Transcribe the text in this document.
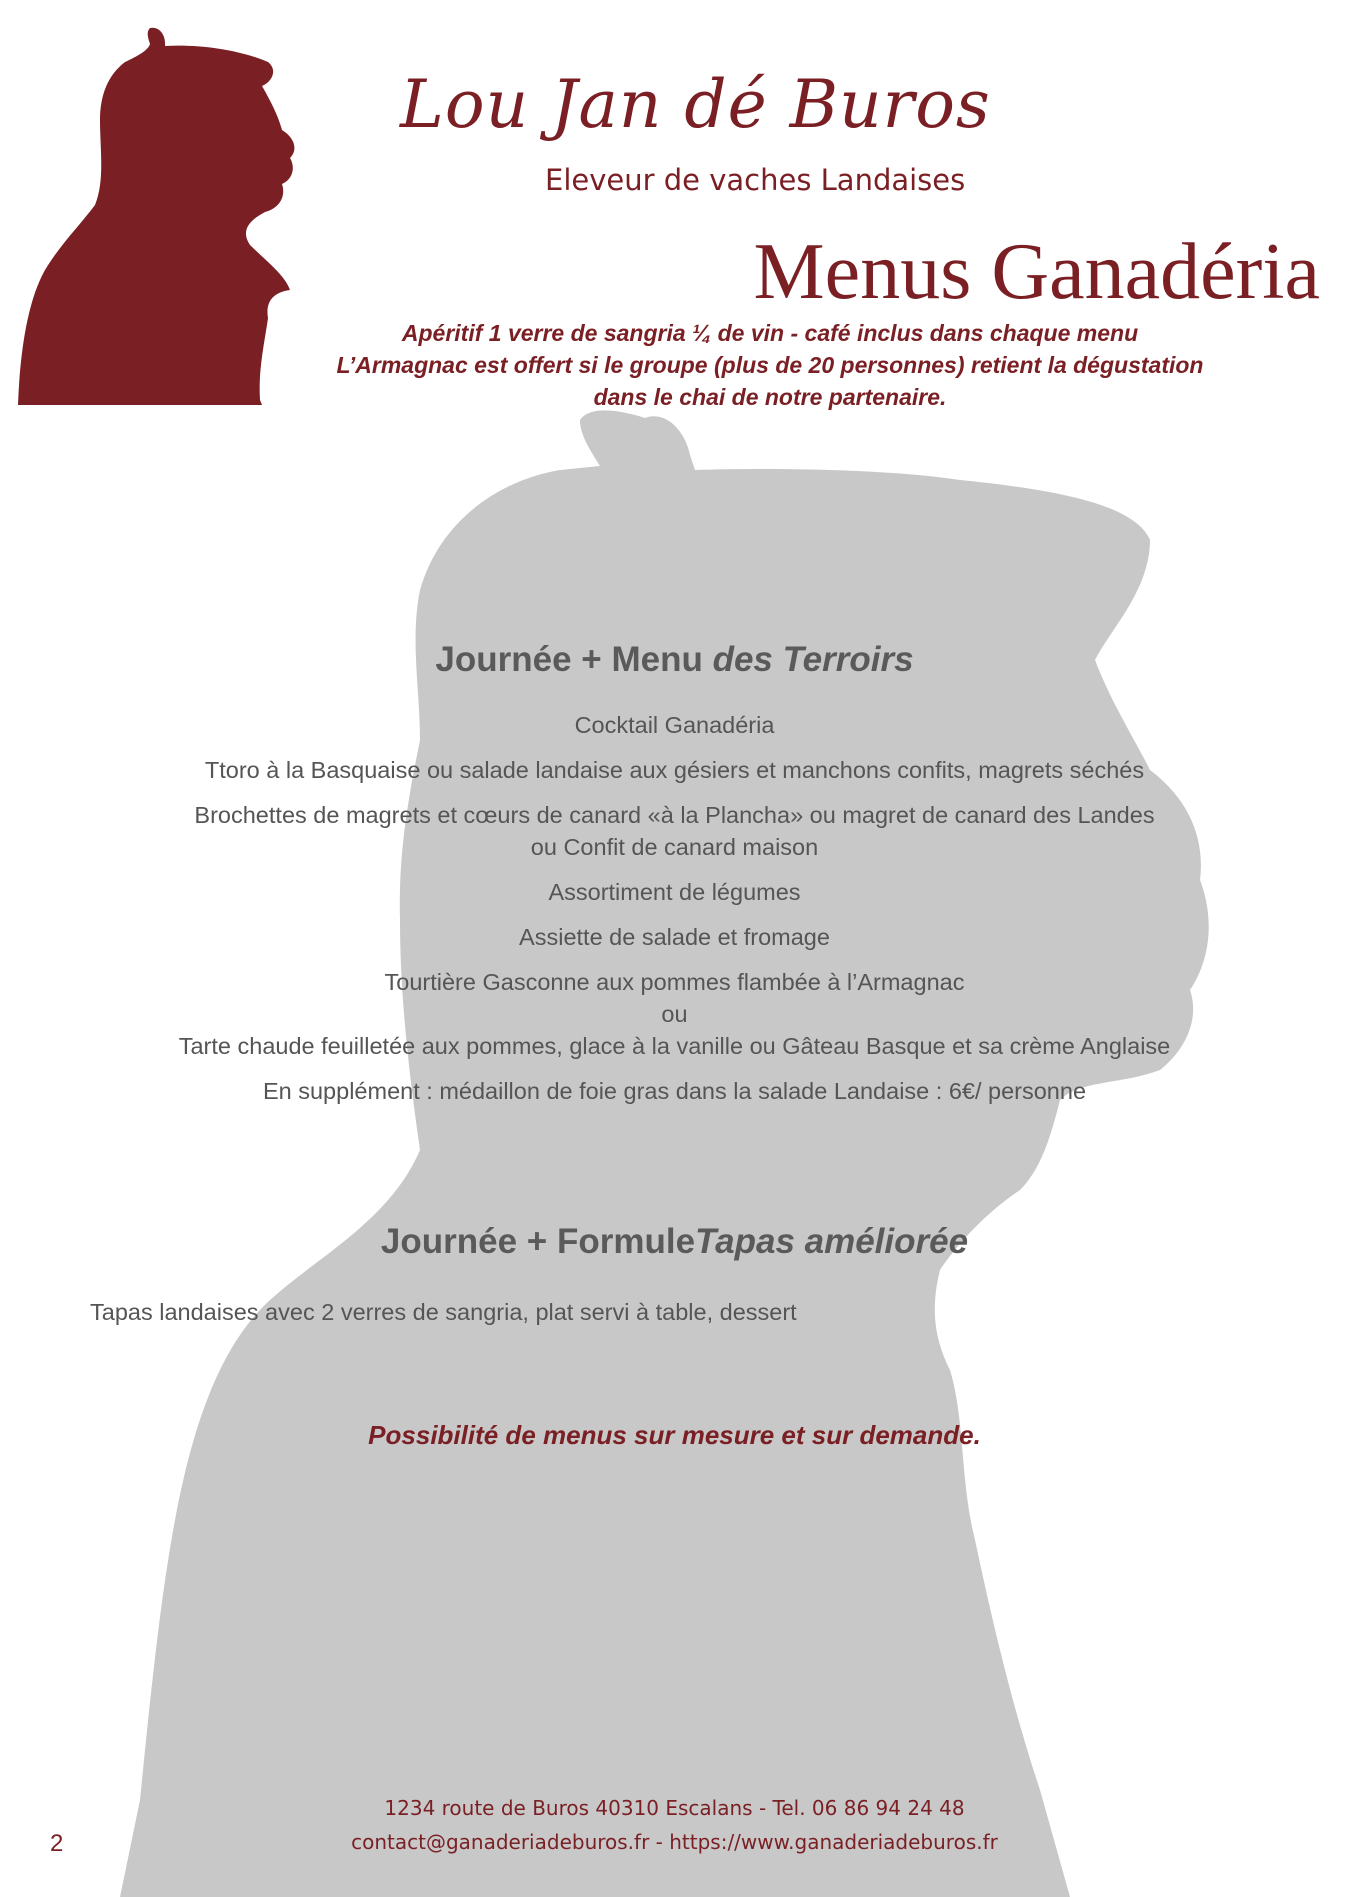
Lou Jan dé Buros
Eleveur de vaches Landaises
Menus Ganadéria
Apéritif 1 verre de sangria ¼ de vin - café inclus dans chaque menu
L’Armagnac est offert si le groupe (plus de 20 personnes) retient la dégustation
dans le chai de notre partenaire.
Journée + Menu des Terroirs
Cocktail Ganadéria
Ttoro à la Basquaise ou salade landaise aux gésiers et manchons confits, magrets séchés
Brochettes de magrets et cœurs de canard «à la Plancha» ou magret de canard des Landes
ou Confit de canard maison
Assortiment de légumes
Assiette de salade et fromage
Tourtière Gasconne aux pommes flambée à l’Armagnac
ou
Tarte chaude feuilletée aux pommes, glace à la vanille ou Gâteau Basque et sa crème Anglaise
En supplément : médaillon de foie gras dans la salade Landaise : 6€/ personne
Journée + FormuleTapas améliorée
Tapas landaises avec 2 verres de sangria, plat servi à table, dessert
Possibilité de menus sur mesure et sur demande.
1234 route de Buros 40310 Escalans - Tel. 06 86 94 24 48
contact@ganaderiadeburos.fr - https://www.ganaderiadeburos.fr
2
